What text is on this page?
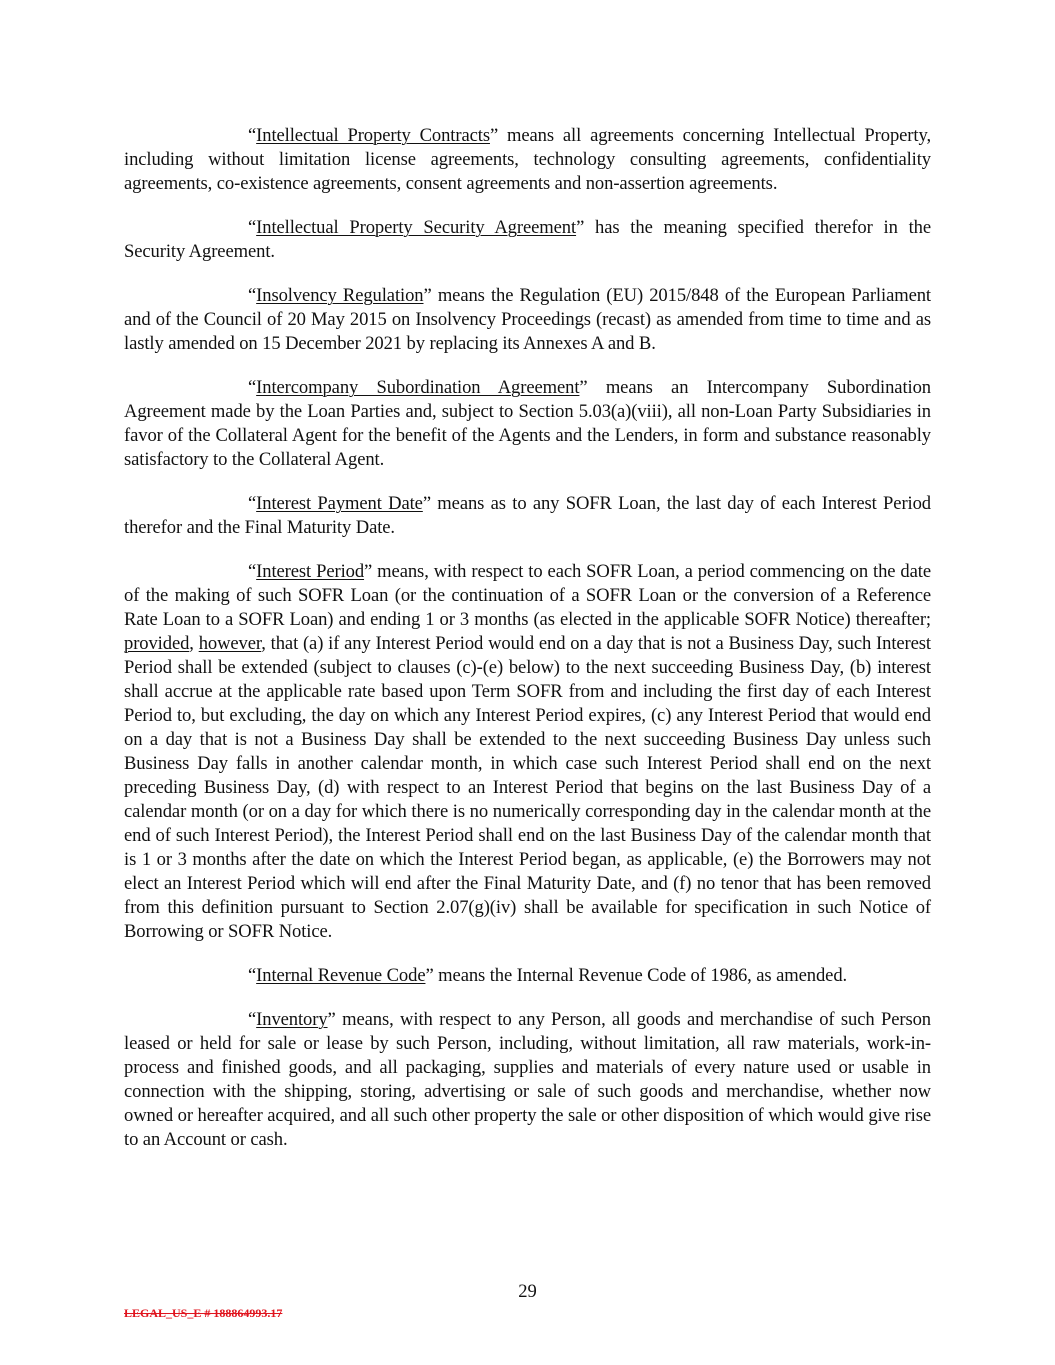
“Intellectual Property Contracts” means all agreements concerning Intellectual Property, including without limitation license agreements, technology consulting agreements, confidentiality agreements, co-existence agreements, consent agreements and non-assertion agreements.

“Intellectual Property Security Agreement” has the meaning specified therefor in the Security Agreement.

“Insolvency Regulation” means the Regulation (EU) 2015/848 of the European Parliament and of the Council of 20 May 2015 on Insolvency Proceedings (recast) as amended from time to time and as lastly amended on 15 December 2021 by replacing its Annexes A and B.

“Intercompany Subordination Agreement” means an Intercompany Subordination Agreement made by the Loan Parties and, subject to Section 5.03(a)(viii), all non-Loan Party Subsidiaries in favor of the Collateral Agent for the benefit of the Agents and the Lenders, in form and substance reasonably satisfactory to the Collateral Agent.

“Interest Payment Date” means as to any SOFR Loan, the last day of each Interest Period therefor and the Final Maturity Date.

“Interest Period” means, with respect to each SOFR Loan, a period commencing on the date of the making of such SOFR Loan (or the continuation of a SOFR Loan or the conversion of a Reference Rate Loan to a SOFR Loan) and ending 1 or 3 months (as elected in the applicable SOFR Notice) thereafter; provided, however, that (a) if any Interest Period would end on a day that is not a Business Day, such Interest Period shall be extended (subject to clauses (c)-(e) below) to the next succeeding Business Day, (b) interest shall accrue at the applicable rate based upon Term SOFR from and including the first day of each Interest Period to, but excluding, the day on which any Interest Period expires, (c) any Interest Period that would end on a day that is not a Business Day shall be extended to the next succeeding Business Day unless such Business Day falls in another calendar month, in which case such Interest Period shall end on the next preceding Business Day, (d) with respect to an Interest Period that begins on the last Business Day of a calendar month (or on a day for which there is no numerically corresponding day in the calendar month at the end of such Interest Period), the Interest Period shall end on the last Business Day of the calendar month that is 1 or 3 months after the date on which the Interest Period began, as applicable, (e) the Borrowers may not elect an Interest Period which will end after the Final Maturity Date, and (f) no tenor that has been removed from this definition pursuant to Section 2.07(g)(iv) shall be available for specification in such Notice of Borrowing or SOFR Notice.

“Internal Revenue Code” means the Internal Revenue Code of 1986, as amended.

“Inventory” means, with respect to any Person, all goods and merchandise of such Person leased or held for sale or lease by such Person, including, without limitation, all raw materials, work-in-process and finished goods, and all packaging, supplies and materials of every nature used or usable in connection with the shipping, storing, advertising or sale of such goods and merchandise, whether now owned or hereafter acquired, and all such other property the sale or other disposition of which would give rise to an Account or cash.

29
LEGAL_US_E # 188864993.17
